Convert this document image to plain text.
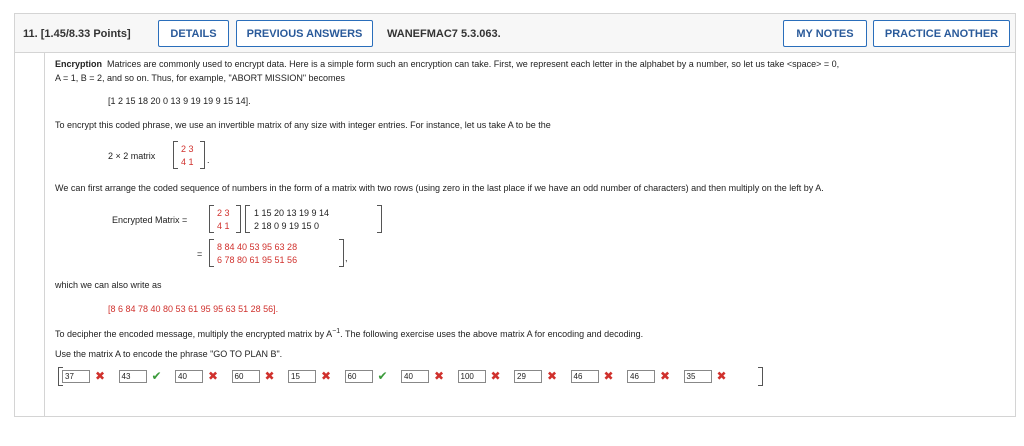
11. [1.45/8.33 Points]	DETAILS	PREVIOUS ANSWERS	WANEFMAC7 5.3.063.	MY NOTES	PRACTICE ANOTHER
Encryption Matrices are commonly used to encrypt data. Here is a simple form such an encryption can take. First, we represent each letter in the alphabet by a number, so let us take <space> = 0,
A = 1, B = 2, and so on. Thus, for example, "ABORT MISSION" becomes
[1 2 15 18 20 0 13 9 19 19 9 15 14].
To encrypt this coded phrase, we use an invertible matrix of any size with integer entries. For instance, let us take A to be the
2 × 2 matrix
2 3
4 1 .
We can first arrange the coded sequence of numbers in the form of a matrix with two rows (using zero in the last place if we have an odd number of characters) and then multiply on the left by A.
Encrypted Matrix =
2 3
4 1
1 15 20 13 19 9 14
2 18 0 9 19 15 0
=
8 84 40 53 95 63 28
6 78 80 61 95 51 56	,
which we can also write as
[8 6 84 78 40 80 53 61 95 95 63 51 28 56].
To decipher the encoded message, multiply the encrypted matrix by $A^{-1}$. The following exercise uses the above matrix A for encoding and decoding.
Use the matrix A to encode the phrase "GO TO PLAN B".
37	✖	43	✔	40	✖	60	✖	15	✖	60	✔	40	✖	100	✖	29	✖	46	✖	46	✖	35	✖
